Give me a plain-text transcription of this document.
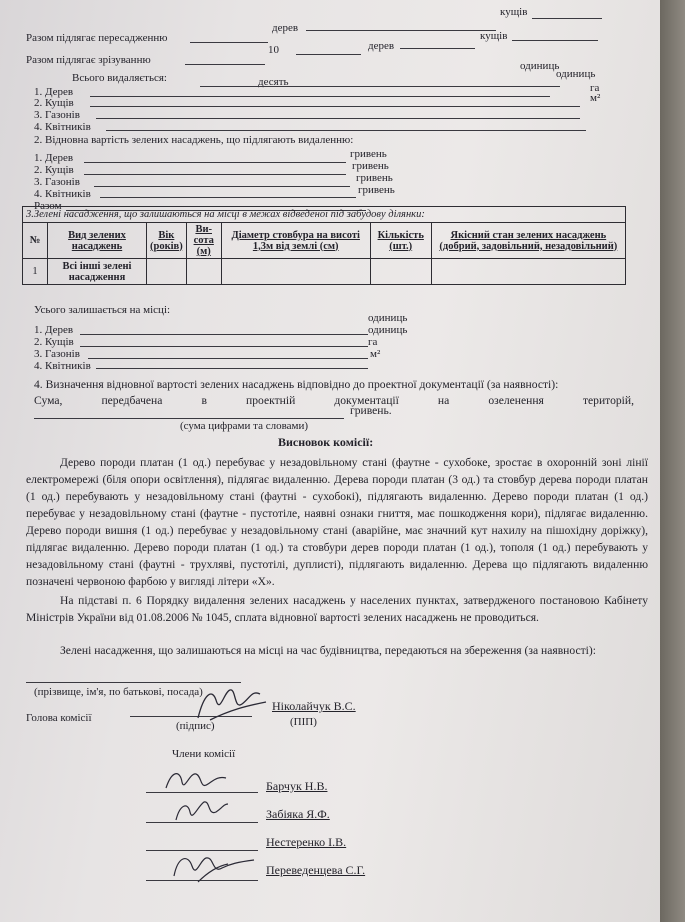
кущів
Разом підлягає пересадженню
дерев
Разом підлягає зрізуванню
10	дерев
кущів
Всього видаляється:	десять
одиниць
1. Дерев
одиниць
2. Кущів
га
3. Газонів
м²
4. Квітників
2. Відновна вартість зелених насаджень, що підлягають видаленню:
1. Дерев	гривень
2. Кущів	гривень
3. Газонів	гривень
4. Квітників	гривень
Разом
3.Зелені насадження, що залишаються на місці в межах відведеної під забудову ділянки:						
№	Вид зелених насаджень	Вік (років)	Ви-сота (м)	Діаметр стовбура на висоті 1,3м від землі (см)	Кількість (шт.)	Якісний стан зелених насаджень (добрий, задовільний, незадовільний)
1	Всі інші зелені насадження					
Усього залишається на місці:
1. Дерев
одиниць
2. Кущів
одиниць
3. Газонів
га
4. Квітників
м²
4. Визначення відновної вартості зелених насаджень відповідно до проектної документації (за наявності):
Сума,	передбачена	в	проектній	документації	на	озеленення	територій,
гривень.
(сума цифрами та словами)
Висновок комісії:
Дерево породи платан (1 од.) перебуває у незадовільному стані (фаутне - сухобоке, зростає в охоронній зоні лінії електромережі (біля опори освітлення), підлягає видаленню. Дерева породи платан (3 од.) та стовбур дерева породи платан (1 од.) перебувають у незадовільному стані (фаутні - сухобокі), підлягають видаленню. Дерево породи платан (1 од.) перебуває у незадовільному стані (фаутне - пустотіле, наявні ознаки гниття, має пошкодження кори), підлягає видаленню. Дерево породи вишня (1 од.) перебуває у незадовільному стані (аварійне, має значний кут нахилу на пішохідну доріжку), підлягає видаленню. Дерево породи платан (1 од.) та стовбури дерев породи платан (1 од.), тополя (1 од.) перебувають у незадовільному стані (фаутні - трухляві, пустотілі, дуплисті), підлягають видаленню. Дерева що підлягають видаленню позначені червоною фарбою у вигляді літери «Х».
На підставі п. 6 Порядку видалення зелених насаджень у населених пунктах, затвердженого постановою Кабінету Міністрів України від 01.08.2006 № 1045, сплата відновної вартості зелених насаджень не проводиться.
Зелені насадження, що залишаються на місці на час будівництва, передаються на збереження (за наявності):
(прізвище, ім'я, по батькові, посада)
Голова комісії
(підпис)
Ніколайчук В.С.
(ПІП)
Члени комісії
Барчук Н.В.
Забіяка Я.Ф.
Нестеренко І.В.
Переведенцева С.Г.
